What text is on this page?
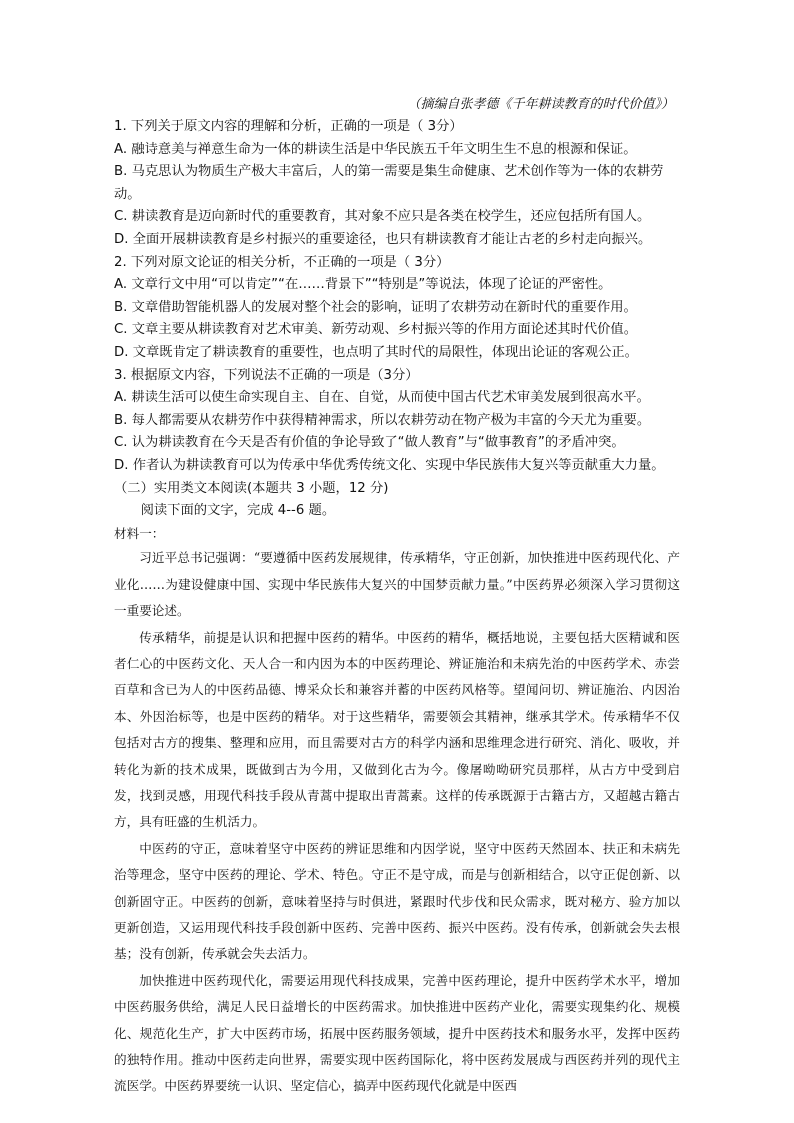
（摘编自张孝德《千年耕读教育的时代价值》）
1. 下列关于原文内容的理解和分析，正确的一项是（ 3分）
A. 融诗意美与禅意生命为一体的耕读生活是中华民族五千年文明生生不息的根源和保证。
B. 马克思认为物质生产极大丰富后，人的第一需要是集生命健康、艺术创作等为一体的农耕劳动。
C. 耕读教育是迈向新时代的重要教育，其对象不应只是各类在校学生，还应包括所有国人。
D. 全面开展耕读教育是乡村振兴的重要途径，也只有耕读教育才能让古老的乡村走向振兴。
2. 下列对原文论证的相关分析，不正确的一项是（ 3分）
A. 文章行文中用“可以肯定”“在……背景下”“特别是”等说法，体现了论证的严密性。
B. 文章借助智能机器人的发展对整个社会的影响，证明了农耕劳动在新时代的重要作用。
C. 文章主要从耕读教育对艺术审美、新劳动观、乡村振兴等的作用方面论述其时代价值。
D. 文章既肯定了耕读教育的重要性，也点明了其时代的局限性，体现出论证的客观公正。
3. 根据原文内容，下列说法不正确的一项是（3分）
A. 耕读生活可以使生命实现自主、自在、自觉，从而使中国古代艺术审美发展到很高水平。
B. 每人都需要从农耕劳作中获得精神需求，所以农耕劳动在物产极为丰富的今天尤为重要。
C. 认为耕读教育在今天是否有价值的争论导致了“做人教育”与“做事教育”的矛盾冲突。
D. 作者认为耕读教育可以为传承中华优秀传统文化、实现中华民族伟大复兴等贡献重大力量。
（二）实用类文本阅读(本题共 3 小题，12 分)
阅读下面的文字，完成 4--6 题。
材料一：
习近平总书记强调：“要遵循中医药发展规律，传承精华，守正创新，加快推进中医药现代化、产业化……为建设健康中国、实现中华民族伟大复兴的中国梦贡献力量。”中医药界必须深入学习贯彻这一重要论述。
传承精华，前提是认识和把握中医药的精华。中医药的精华，概括地说，主要包括大医精诚和医者仁心的中医药文化、天人合一和内因为本的中医药理论、辨证施治和未病先治的中医药学术、赤尝百草和含已为人的中医药品德、博采众长和兼容并蓄的中医药风格等。望闻问切、辨证施治、内因治本、外因治标等，也是中医药的精华。对于这些精华，需要领会其精神，继承其学术。传承精华不仅包括对古方的搜集、整理和应用，而且需要对古方的科学内涵和思维理念进行研究、消化、吸收，并转化为新的技术成果，既做到古为今用，又做到化古为今。像屠呦呦研究员那样，从古方中受到启发，找到灵感，用现代科技手段从青蒿中提取出青蒿素。这样的传承既源于古籍古方，又超越古籍古方，具有旺盛的生机活力。
中医药的守正，意味着坚守中医药的辨证思维和内因学说，坚守中医药天然固本、扶正和未病先治等理念，坚守中医药的理论、学术、特色。守正不是守成，而是与创新相结合，以守正促创新、以创新固守正。中医药的创新，意味着坚持与时俱进，紧跟时代步伐和民众需求，既对秘方、验方加以更新创造，又运用现代科技手段创新中医药、完善中医药、振兴中医药。没有传承，创新就会失去根基；没有创新，传承就会失去活力。
加快推进中医药现代化，需要运用现代科技成果，完善中医药理论，提升中医药学术水平，增加中医药服务供给，满足人民日益增长的中医药需求。加快推进中医药产业化，需要实现集约化、规模化、规范化生产，扩大中医药市场，拓展中医药服务领域，提升中医药技术和服务水平，发挥中医药的独特作用。推动中医药走向世界，需要实现中医药国际化，将中医药发展成与西医药并列的现代主流医学。中医药界要统一认识、坚定信心，搞弄中医药现代化就是中医西
